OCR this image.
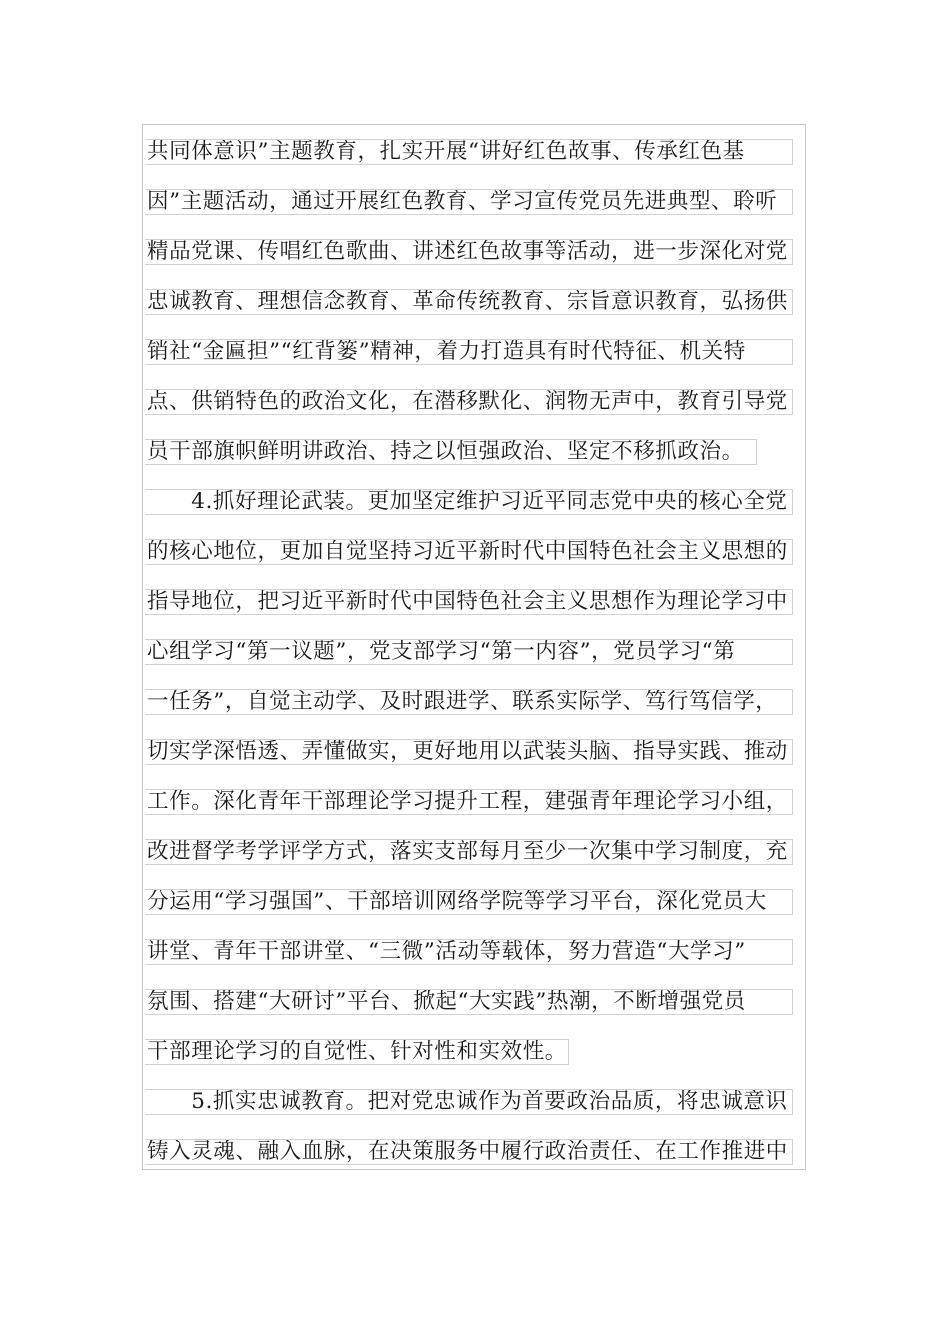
共同体意识”主题教育，扎实开展“讲好红色故事、传承红色基
因”主题活动，通过开展红色教育、学习宣传党员先进典型、聆听
精品党课、传唱红色歌曲、讲述红色故事等活动，进一步深化对党
忠诚教育、理想信念教育、革命传统教育、宗旨意识教育，弘扬供
销社“金匾担”“红背篓”精神，着力打造具有时代特征、机关特
点、供销特色的政治文化，在潜移默化、润物无声中，教育引导党
员干部旗帜鲜明讲政治、持之以恒强政治、坚定不移抓政治。
　　4.抓好理论武装。更加坚定维护习近平同志党中央的核心全党
的核心地位，更加自觉坚持习近平新时代中国特色社会主义思想的
指导地位，把习近平新时代中国特色社会主义思想作为理论学习中
心组学习“第一议题”，党支部学习“第一内容”，党员学习“第
一任务”，自觉主动学、及时跟进学、联系实际学、笃行笃信学，
切实学深悟透、弄懂做实，更好地用以武装头脑、指导实践、推动
工作。深化青年干部理论学习提升工程，建强青年理论学习小组，
改进督学考学评学方式，落实支部每月至少一次集中学习制度，充
分运用“学习强国”、干部培训网络学院等学习平台，深化党员大
讲堂、青年干部讲堂、“三微”活动等载体，努力营造“大学习”
氛围、搭建“大研讨”平台、掀起“大实践”热潮，不断增强党员
干部理论学习的自觉性、针对性和实效性。
　　5.抓实忠诚教育。把对党忠诚作为首要政治品质，将忠诚意识
铸入灵魂、融入血脉，在决策服务中履行政治责任、在工作推进中
